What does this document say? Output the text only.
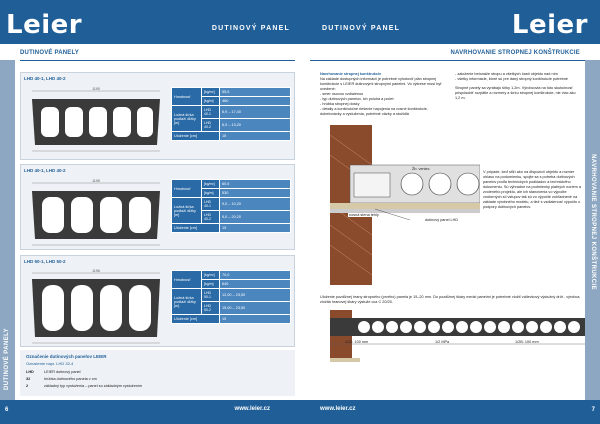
Leier	DUTINOVÝ PANEL
DUTINOVÉ PANELY
DUTINOVÉ PANELY
LHD 40-1, LHD 40-2
1190
Hmotnosť	[kg/m²]	55,5
	[kg/m]	460
Ložná šírka podlaží dĺžky [m]	LHD 40-1	6,9 – 17,40
	LHD 40-2	6,9 – 13,20
Uloženie [cm]		15
LHD 40-1, LHD 40-2
1195
Hmotnosť	[kg/m²]	60,5
	[kg/m]	530
Ložná šírka podlaží dĺžky [m]	LHD 40-1	9,0 – 10,20
	LHD 40-2	9,0 – 20,20
Uloženie [cm]		15
LHD 50-1, LHD 50-2
1196
Hmotnosť	[kg/m²]	70,0
	[kg/m]	640
Ložná šírka podlaží dĺžky [m]	LHD 50-1	12,00 – 23,50
	LHD 50-2	15,00 – 23,50
Uloženie [cm]		15
Označenie dutinových panelov LEIER
Označenie napr. LHD 32-4
LHD	LEIER dutinový panel
32	hrúbka dutinového panela v cm
2	základný typ vystuženia – panel so základným vystužením
6	www.leier.cz
DUTINOVÝ PANEL	Leier
NAVRHOVANIE STROPNEJ KONŠTRUKCIE
NAVRHOVANIE STROPNEJ KONŠTRUKCIE
Navrhovanie stropnej konštrukcie
Na základe dostupných informácií je potrebné vyhotoviť plán stropnej konštrukcie s LEIER dutinovými stropnými panelmi. Vo výkrese musí byť uvedené:
- smer osovou vzdialenou
- typ dutinových panelov, ich poloha a počet
- hrúbka stropnej dosky
- detaily a konštrukčné riešenie napojenia na nosné konštrukcie, dobetonávky a vystuženia, potrebné väzby a stužidlá
- založenie betonáže stropu a všetkých častí objektu nad ním
- všetky informácie, ktoré sú pre daný stropný konštrukcie potrebné
Stropné panely sa vyrábajú šírky 1,2m. Výrobcovia na túto skutočnosť prispôsobiť rozpätie a rozmery a šírku stropnej konštrukcie, nie viac ako 1,2 m.
Žb. veniec
nosná stena tehly
dutinový panel LHD
V prípade, keď stĺží ako na dispozícii objektu a rozmer ohlasu na podomienku, spojte sa s potreba dutinových panelov podľa technických podkladov a technického dokumentu. Sú výhradne na podmienky platných noriem a zvoleného projektu, ale ich stanovenia vo výpočte vnútorných síl vstupov tak sú vo výpočte zohľadnené na základe výrobného modelu, a tiež s vzdialenosť výpočtu o podpory dutinových panelov.
Uloženie pozdĺžnej hrany stropného (prvého) panela je 15–20 mm. Do pozdĺžnej škáry medzi panelmi je potrebné vložiť zálievkový výstužný drôt - výrobca zložitá hranovej škáry výstuže cca C 20/25.
1/12: 100 mm	1/2 MPa	1/2B: 100 mm
www.leier.cz	7
